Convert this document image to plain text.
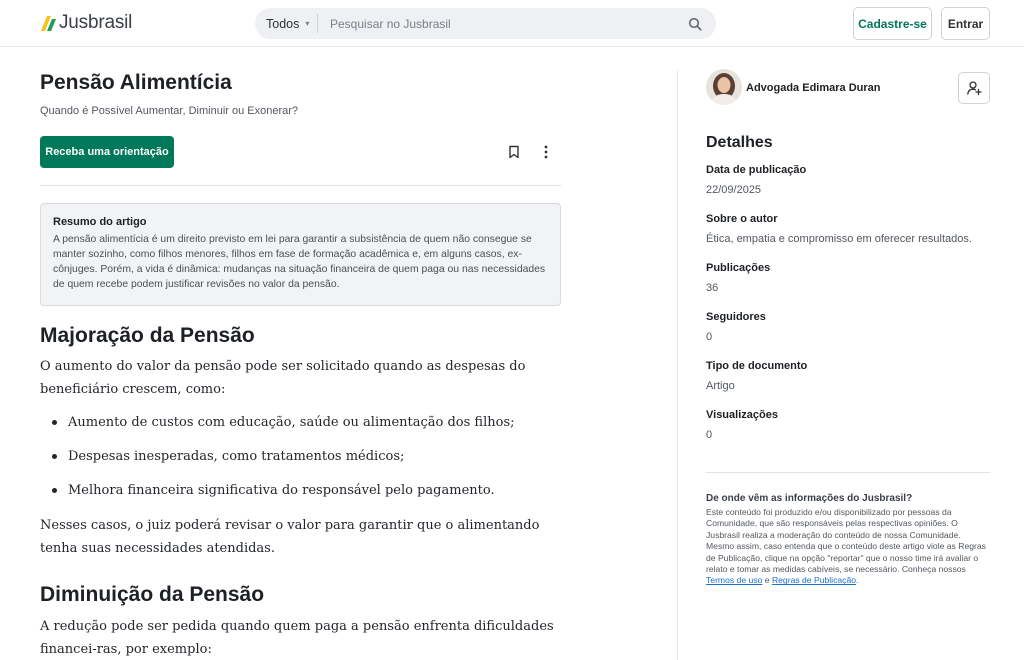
Jusbrasil	Todos ▾
Pesquisar no Jusbrasil	Cadastre-se	Entrar
Pensão Alimentícia
Quando é Possível Aumentar, Diminuir ou Exonerar?
Receba uma orientação
Resumo do artigo
A pensão alimentícia é um direito previsto em lei para garantir a subsistência de quem não consegue se manter sozinho, como filhos menores, filhos em fase de formação acadêmica e, em alguns casos, ex-cônjuges. Porém, a vida é dinâmica: mudanças na situação financeira de quem paga ou nas necessidades de quem recebe podem justificar revisões no valor da pensão.
Majoração da Pensão

O aumento do valor da pensão pode ser solicitado quando as despesas do beneficiário crescem, como:

Aumento de custos com educação, saúde ou alimentação dos filhos;
Despesas inesperadas, como tratamentos médicos;
Melhora financeira significativa do responsável pelo pagamento.

Nesses casos, o juiz poderá revisar o valor para garantir que o alimentando tenha suas necessidades atendidas.

Diminuição da Pensão

A redução pode ser pedida quando quem paga a pensão enfrenta dificuldades financei-ras, por exemplo:

Advogada Edimara Duran
Detalhes
Data de publicação
22/09/2025
Sobre o autor
Ética, empatia e compromisso em oferecer resultados.
Publicações
36
Seguidores
0
Tipo de documento
Artigo
Visualizações
0
De onde vêm as informações do Jusbrasil?
Este conteúdo foi produzido e/ou disponibilizado por pessoas da Comunidade, que são responsáveis pelas respectivas opiniões. O Jusbrasil realiza a moderação do conteúdo de nossa Comunidade. Mesmo assim, caso entenda que o conteúdo deste artigo viole as Regras de Publicação, clique na opção "reportar" que o nosso time irá avaliar o relato e tomar as medidas cabíveis, se necessário. Conheça nossos Termos de uso e Regras de Publicação.
